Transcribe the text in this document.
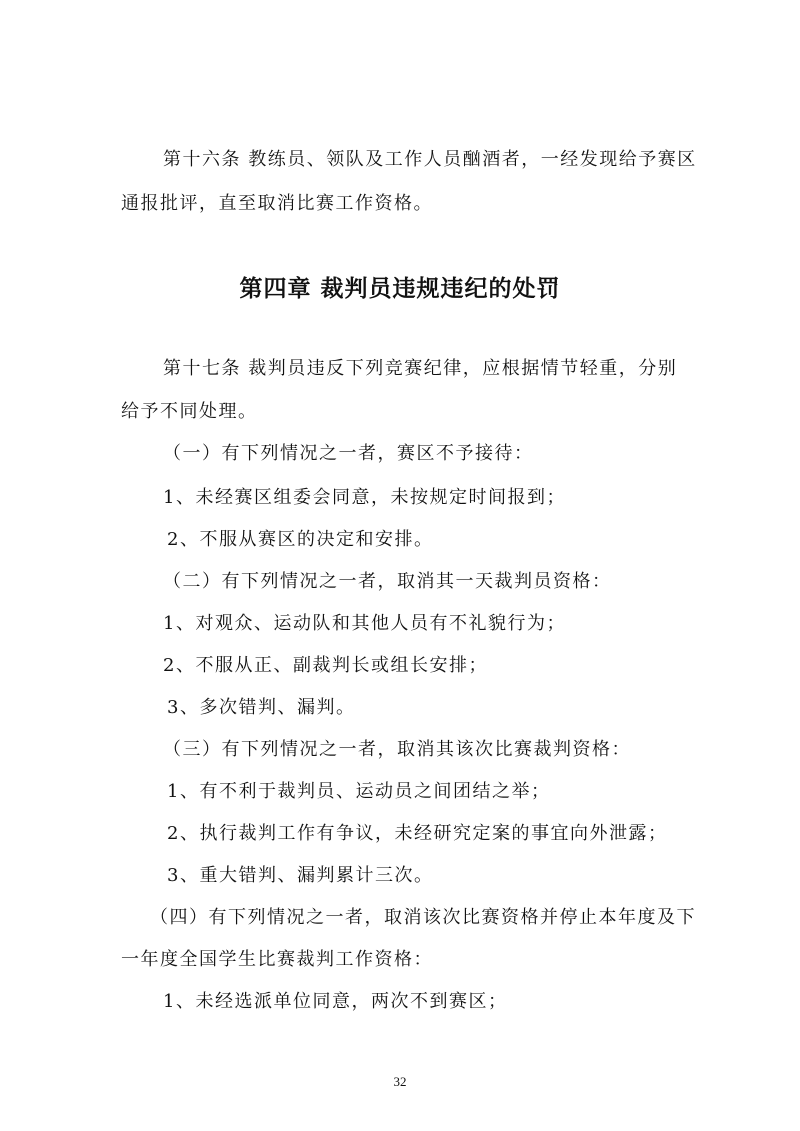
第十六条 教练员、领队及工作人员酗酒者，一经发现给予赛区
通报批评，直至取消比赛工作资格。
第四章 裁判员违规违纪的处罚
第十七条 裁判员违反下列竞赛纪律，应根据情节轻重，分别
给予不同处理。
（一）有下列情况之一者，赛区不予接待：
1、未经赛区组委会同意，未按规定时间报到；
2、不服从赛区的决定和安排。
（二）有下列情况之一者，取消其一天裁判员资格：
1、对观众、运动队和其他人员有不礼貌行为；
2、不服从正、副裁判长或组长安排；
3、多次错判、漏判。
（三）有下列情况之一者，取消其该次比赛裁判资格：
1、有不利于裁判员、运动员之间团结之举；
2、执行裁判工作有争议，未经研究定案的事宜向外泄露；
3、重大错判、漏判累计三次。
（四）有下列情况之一者，取消该次比赛资格并停止本年度及下
一年度全国学生比赛裁判工作资格：
1、未经选派单位同意，两次不到赛区；
32
